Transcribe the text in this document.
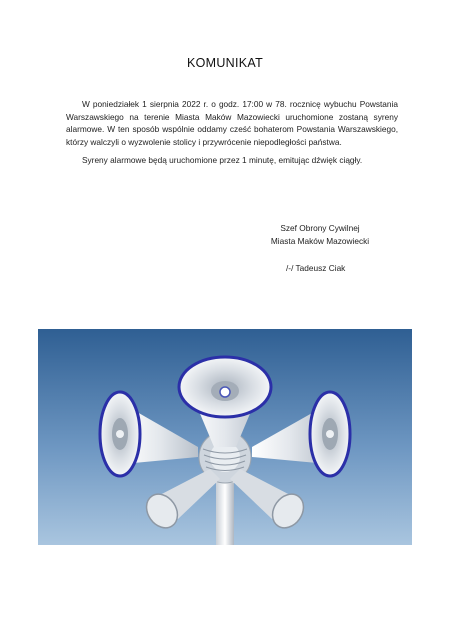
KOMUNIKAT

W poniedziałek 1 sierpnia 2022 r. o godz. 17:00 w 78. rocznicę wybuchu Powstania Warszawskiego na terenie Miasta Maków Mazowiecki uruchomione zostaną syreny alarmowe. W ten sposób wspólnie oddamy cześć bohaterom Powstania Warszawskiego, którzy walczyli o wyzwolenie stolicy i przywrócenie niepodległości państwa.

Syreny alarmowe będą uruchomione przez 1 minutę, emitując dźwięk ciągły.

Szef Obrony Cywilnej
Miasta Maków Mazowiecki
/-/ Tadeusz Ciak
